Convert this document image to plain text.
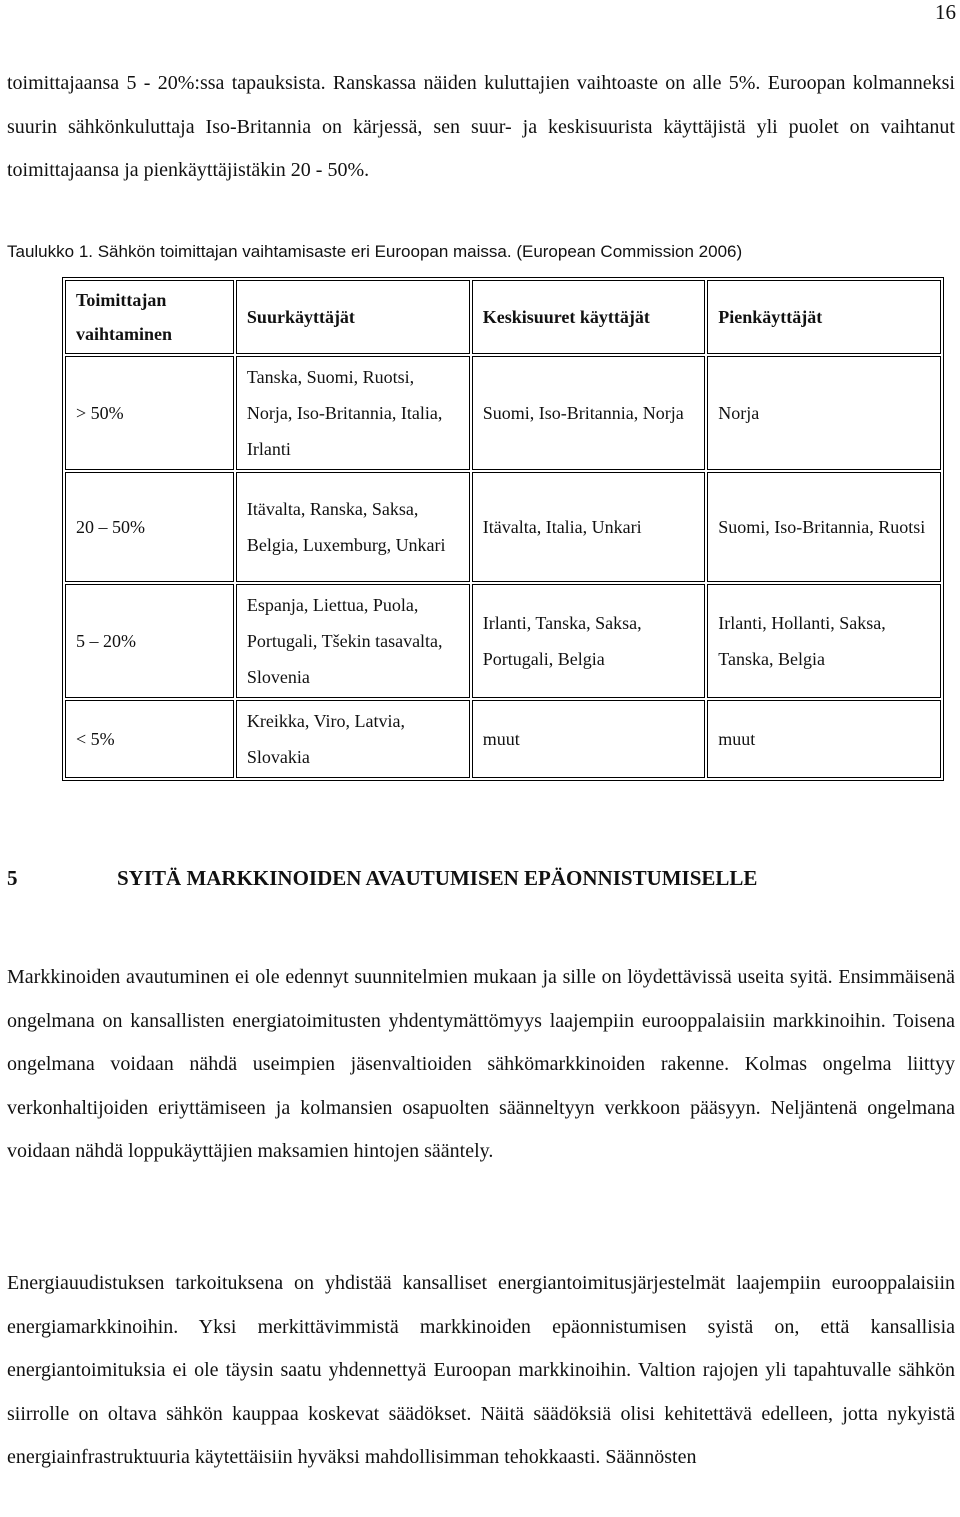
16

toimittajaansa 5 - 20%:ssa tapauksista. Ranskassa näiden kuluttajien vaihtoaste on alle 5%. Euroopan kolmanneksi suurin sähkönkuluttaja Iso-Britannia on kärjessä, sen suur- ja keskisuurista käyttäjistä yli puolet on vaihtanut toimittajaansa ja pienkäyttäjistäkin 20 - 50%.

Taulukko 1. Sähkön toimittajan vaihtamisaste eri Euroopan maissa. (European Commission 2006)

Toimittajan vaihtaminen	Suurkäyttäjät	Keskisuuret käyttäjät	Pienkäyttäjät
> 50%	Tanska, Suomi, Ruotsi, Norja, Iso-Britannia, Italia, Irlanti	Suomi, Iso-Britannia, Norja	Norja
20 – 50%	Itävalta, Ranska, Saksa, Belgia, Luxemburg, Unkari	Itävalta, Italia, Unkari	Suomi, Iso-Britannia, Ruotsi
5 – 20%	Espanja, Liettua, Puola, Portugali, Tšekin tasavalta, Slovenia	Irlanti, Tanska, Saksa, Portugali, Belgia	Irlanti, Hollanti, Saksa, Tanska, Belgia
< 5%	Kreikka, Viro, Latvia, Slovakia	muut	muut
5	SYITÄ MARKKINOIDEN AVAUTUMISEN EPÄONNISTUMISELLE

Markkinoiden avautuminen ei ole edennyt suunnitelmien mukaan ja sille on löydettävissä useita syitä. Ensimmäisenä ongelmana on kansallisten energiatoimitusten yhdentymättömyys laajempiin eurooppalaisiin markkinoihin. Toisena ongelmana voidaan nähdä useimpien jäsenvaltioiden sähkömarkkinoiden rakenne. Kolmas ongelma liittyy verkonhaltijoiden eriyttämiseen ja kolmansien osapuolten säänneltyyn verkkoon pääsyyn. Neljäntenä ongelmana voidaan nähdä loppukäyttäjien maksamien hintojen sääntely.

Energiauudistuksen tarkoituksena on yhdistää kansalliset energiantoimitusjärjestelmät laajempiin eurooppalaisiin energiamarkkinoihin. Yksi merkittävimmistä markkinoiden epäonnistumisen syistä on, että kansallisia energiantoimituksia ei ole täysin saatu yhdennettyä Euroopan markkinoihin. Valtion rajojen yli tapahtuvalle sähkön siirrolle on oltava sähkön kauppaa koskevat säädökset. Näitä säädöksiä olisi kehitettävä edelleen, jotta nykyistä energiainfrastruktuuria käytettäisiin hyväksi mahdollisimman tehokkaasti. Säännösten
